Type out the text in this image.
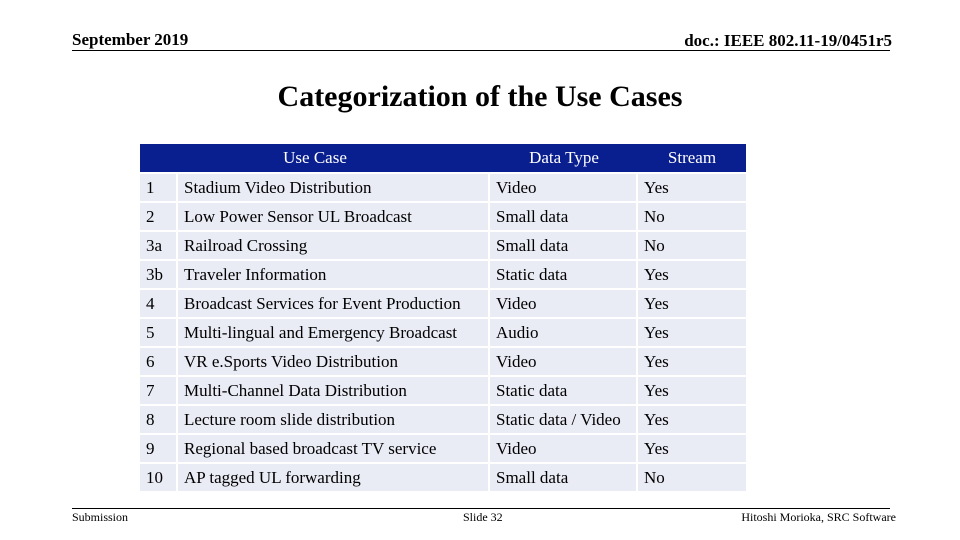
September 2019	doc.: IEEE 802.11-19/0451r5
Categorization of the Use Cases
Use Case		Data Type	Stream
1	Stadium Video Distribution	Video	Yes
2	Low Power Sensor UL Broadcast	Small data	No
3a	Railroad Crossing	Small data	No
3b	Traveler Information	Static data	Yes
4	Broadcast Services for Event Production	Video	Yes
5	Multi-lingual and Emergency Broadcast	Audio	Yes
6	VR e.Sports Video Distribution	Video	Yes
7	Multi-Channel Data Distribution	Static data	Yes
8	Lecture room slide distribution	Static data / Video	Yes
9	Regional based broadcast TV service	Video	Yes
10	AP tagged UL forwarding	Small data	No
Submission	Slide 32	Hitoshi Morioka, SRC Software
